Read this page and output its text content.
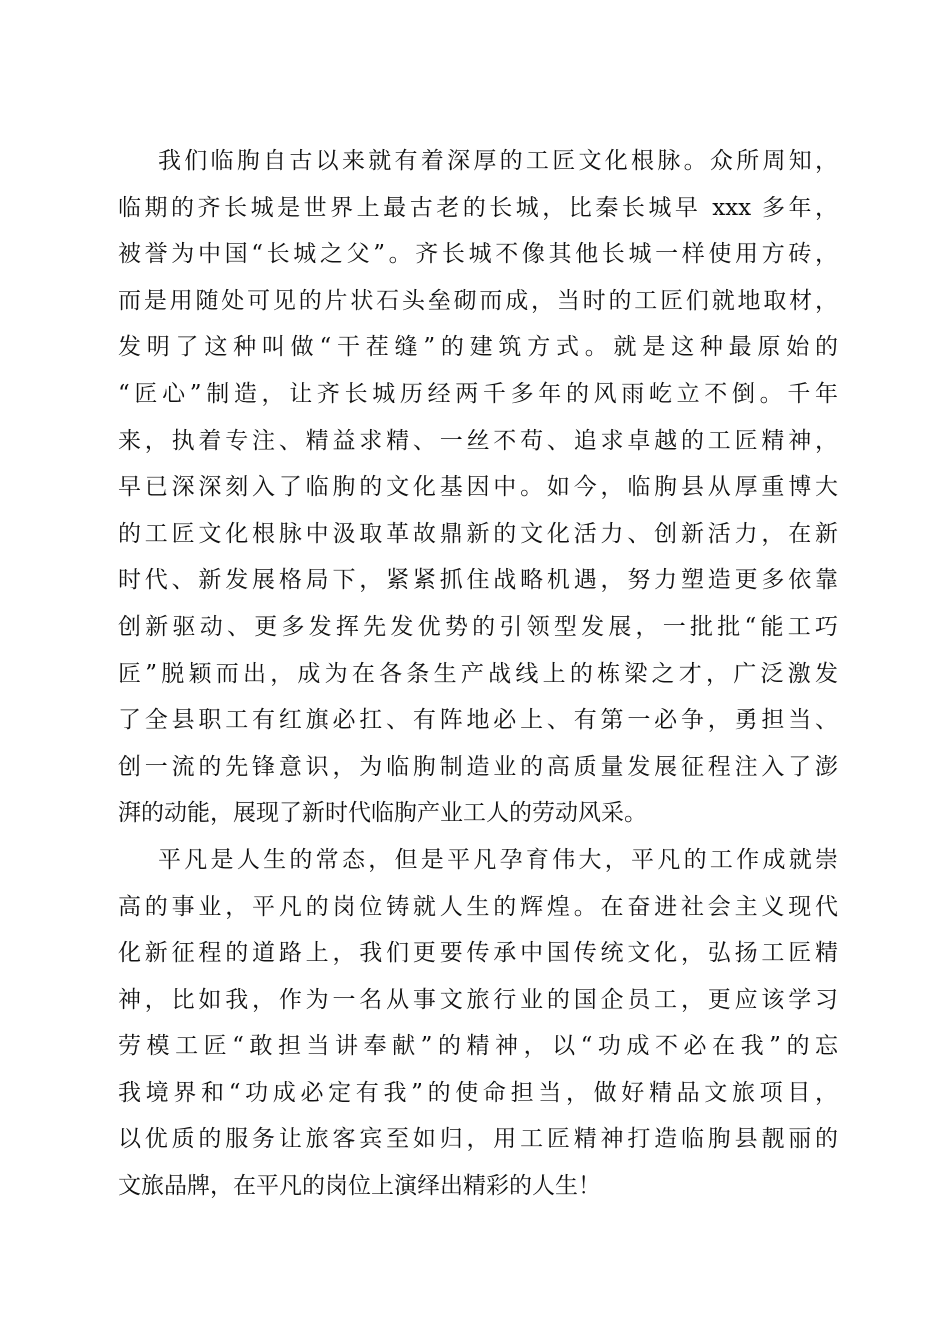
我们临朐自古以来就有着深厚的工匠文化根脉。众所周知，
临期的齐长城是世界上最古老的长城，比秦长城早 xxx 多年，
被誉为中国“长城之父”。齐长城不像其他长城一样使用方砖，
而是用随处可见的片状石头垒砌而成，当时的工匠们就地取材，
发明了这种叫做“干茬缝”的建筑方式。就是这种最原始的
“匠心”制造，让齐长城历经两千多年的风雨屹立不倒。千年
来，执着专注、精益求精、一丝不苟、追求卓越的工匠精神，
早已深深刻入了临朐的文化基因中。如今，临朐县从厚重博大
的工匠文化根脉中汲取革故鼎新的文化活力、创新活力，在新
时代、新发展格局下，紧紧抓住战略机遇，努力塑造更多依靠
创新驱动、更多发挥先发优势的引领型发展，一批批“能工巧
匠”脱颖而出，成为在各条生产战线上的栋梁之才，广泛激发
了全县职工有红旗必扛、有阵地必上、有第一必争，勇担当、
创一流的先锋意识，为临朐制造业的高质量发展征程注入了澎
湃的动能，展现了新时代临朐产业工人的劳动风采。
平凡是人生的常态，但是平凡孕育伟大，平凡的工作成就崇
高的事业，平凡的岗位铸就人生的辉煌。在奋进社会主义现代
化新征程的道路上，我们更要传承中国传统文化，弘扬工匠精
神，比如我，作为一名从事文旅行业的国企员工，更应该学习
劳模工匠“敢担当讲奉献”的精神，以“功成不必在我”的忘
我境界和“功成必定有我”的使命担当，做好精品文旅项目，
以优质的服务让旅客宾至如归，用工匠精神打造临朐县靓丽的
文旅品牌，在平凡的岗位上演绎出精彩的人生！
